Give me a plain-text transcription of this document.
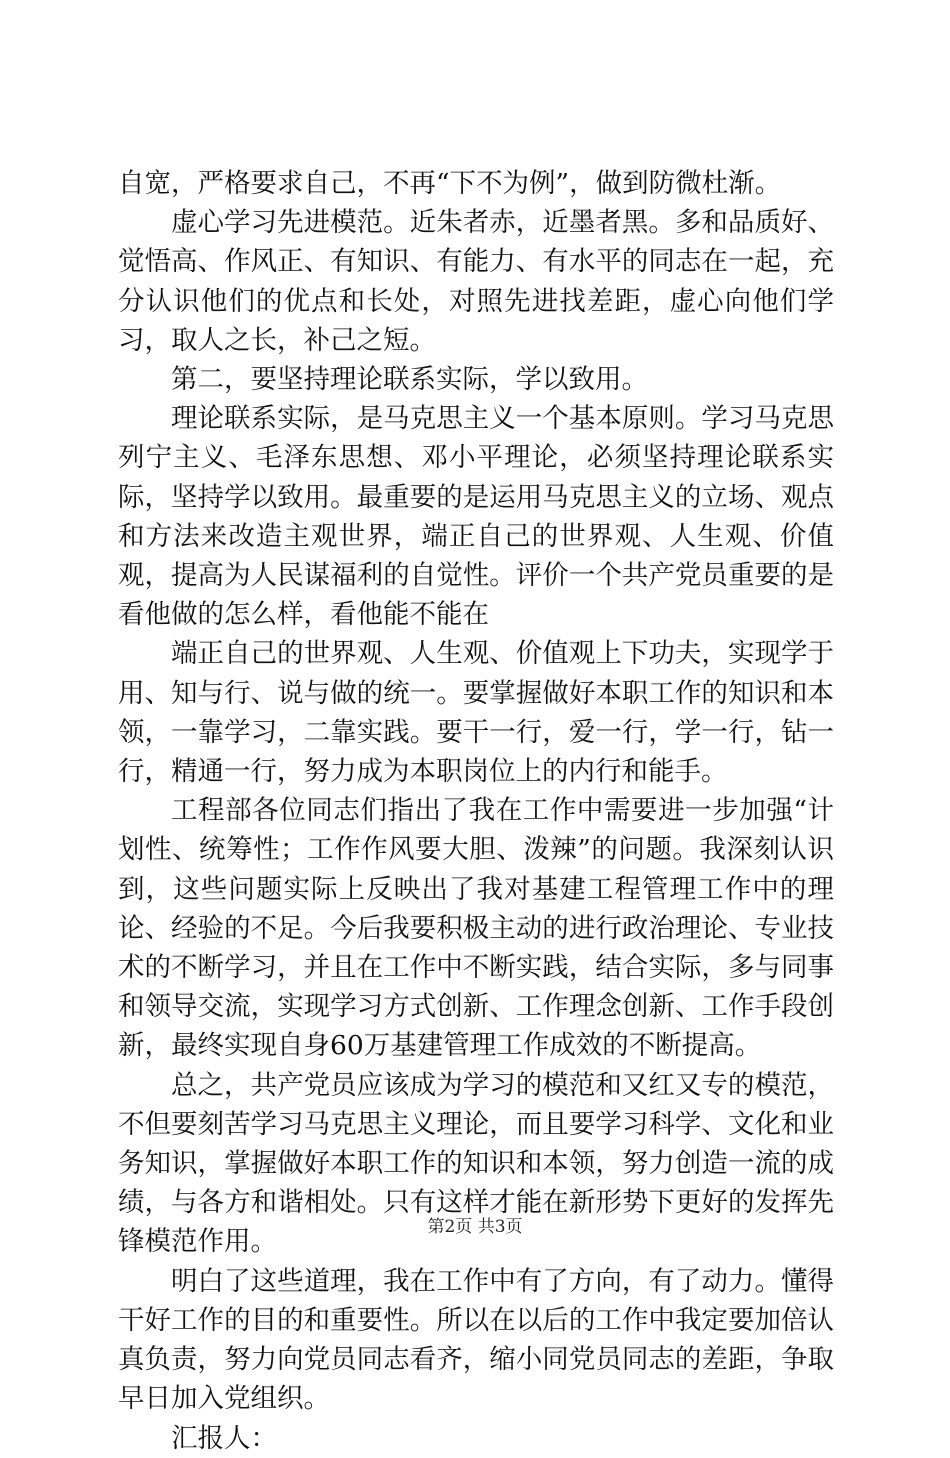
自宽，严格要求自己，不再“下不为例”，做到防微杜渐。

虚心学习先进模范。近朱者赤，近墨者黑。多和品质好、觉悟高、作风正、有知识、有能力、有水平的同志在一起，充分认识他们的优点和长处，对照先进找差距，虚心向他们学习，取人之长，补己之短。

第二，要坚持理论联系实际，学以致用。

理论联系实际，是马克思主义一个基本原则。学习马克思列宁主义、毛泽东思想、邓小平理论，必须坚持理论联系实际，坚持学以致用。最重要的是运用马克思主义的立场、观点和方法来改造主观世界，端正自己的世界观、人生观、价值观，提高为人民谋福利的自觉性。评价一个共产党员重要的是看他做的怎么样，看他能不能在

端正自己的世界观、人生观、价值观上下功夫，实现学于用、知与行、说与做的统一。要掌握做好本职工作的知识和本领，一靠学习，二靠实践。要干一行，爱一行，学一行，钻一行，精通一行，努力成为本职岗位上的内行和能手。

工程部各位同志们指出了我在工作中需要进一步加强“计划性、统筹性；工作作风要大胆、泼辣”的问题。我深刻认识到，这些问题实际上反映出了我对基建工程管理工作中的理论、经验的不足。今后我要积极主动的进行政治理论、专业技术的不断学习，并且在工作中不断实践，结合实际，多与同事和领导交流，实现学习方式创新、工作理念创新、工作手段创新，最终实现自身60万基建管理工作成效的不断提高。

总之，共产党员应该成为学习的模范和又红又专的模范，不但要刻苦学习马克思主义理论，而且要学习科学、文化和业务知识，掌握做好本职工作的知识和本领，努力创造一流的成绩，与各方和谐相处。只有这样才能在新形势下更好的发挥先锋模范作用。

明白了这些道理，我在工作中有了方向，有了动力。懂得干好工作的目的和重要性。所以在以后的工作中我定要加倍认真负责，努力向党员同志看齐，缩小同党员同志的差距，争取早日加入党组织。

汇报人：

第2页 共3页
